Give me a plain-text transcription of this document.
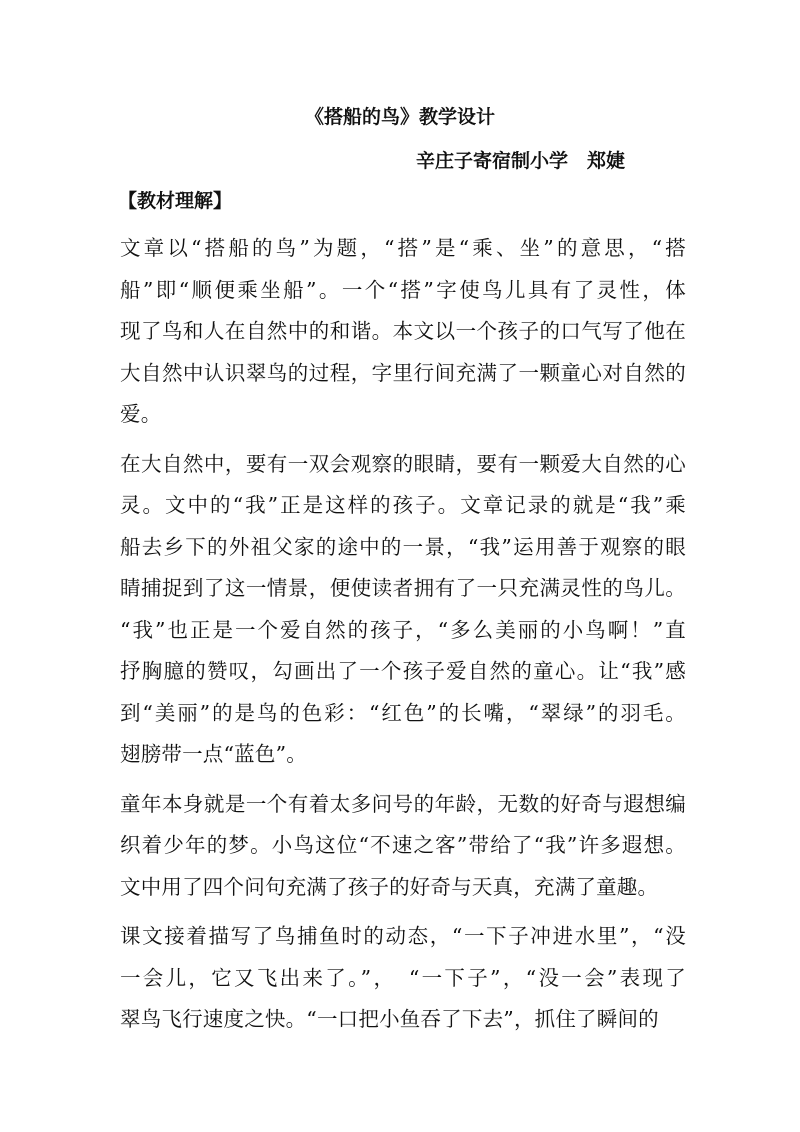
《搭船的鸟》教学设计
辛庄子寄宿制小学　郑婕
【教材理解】
文章以“搭船的鸟”为题，“搭”是“乘、坐”的意思，“搭
船”即“顺便乘坐船”。一个“搭”字使鸟儿具有了灵性，体
现了鸟和人在自然中的和谐。本文以一个孩子的口气写了他在
大自然中认识翠鸟的过程，字里行间充满了一颗童心对自然的
爱。
在大自然中，要有一双会观察的眼睛，要有一颗爱大自然的心
灵。文中的“我”正是这样的孩子。文章记录的就是“我”乘
船去乡下的外祖父家的途中的一景，“我”运用善于观察的眼
睛捕捉到了这一情景，便使读者拥有了一只充满灵性的鸟儿。
“我”也正是一个爱自然的孩子，“多么美丽的小鸟啊！”直
抒胸臆的赞叹，勾画出了一个孩子爱自然的童心。让“我”感
到“美丽”的是鸟的色彩：“红色”的长嘴，“翠绿”的羽毛。
翅膀带一点“蓝色”。
童年本身就是一个有着太多问号的年龄，无数的好奇与遐想编
织着少年的梦。小鸟这位“不速之客”带给了“我”许多遐想。
文中用了四个问句充满了孩子的好奇与天真，充满了童趣。
课文接着描写了鸟捕鱼时的动态，“一下子冲进水里”，“没
一会儿，它又飞出来了。”，　“一下子”，“没一会”表现了
翠鸟飞行速度之快。“一口把小鱼吞了下去”，抓住了瞬间的
